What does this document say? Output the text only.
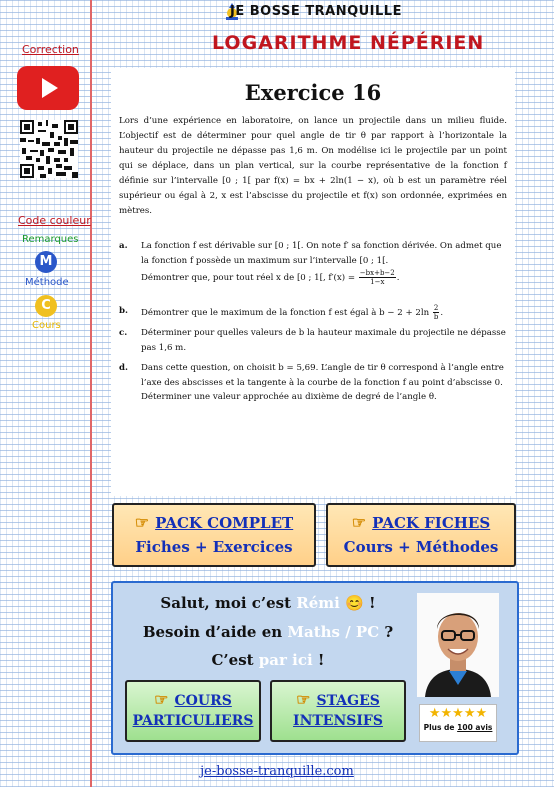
JE BOSSE TRANQUILLE
LOGARITHME NÉPÉRIEN
Correction
Code couleur
Remarques
M
Méthode
C
Cours
Exercice 16
Lors d’une expérience en laboratoire, on lance un projectile dans un milieu fluide. L’objectif est de déterminer pour quel angle de tir θ par rapport à l’horizontale la hauteur du projectile ne dépasse pas 1,6 m. On modélise ici le projectile par un point qui se déplace, dans un plan vertical, sur la courbe représentative de la fonction f définie sur l’intervalle [0 ; 1[ par f(x) = bx + 2ln(1 − x), où b est un paramètre réel supérieur ou égal à 2, x est l’abscisse du projectile et f(x) son ordonnée, exprimées en mètres.
a. La fonction f est dérivable sur [0 ; 1[. On note f′ sa fonction dérivée. On admet que la fonction f possède un maximum sur l’intervalle [0 ; 1[.
Démontrer que, pour tout réel x de [0 ; 1[, $f'(x) = \frac{-bx+b-2}{1-x}$ .
b. Démontrer que le maximum de la fonction f est égal à $b - 2 + 2\ln \frac{2}{b}$ .
c. Déterminer pour quelles valeurs de b la hauteur maximale du projectile ne dépasse pas 1,6 m.
d. Dans cette question, on choisit b = 5,69. L’angle de tir θ correspond à l’angle entre l’axe des abscisses et la tangente à la courbe de la fonction f au point d’abscisse 0. Déterminer une valeur approchée au dixième de degré de l’angle θ.
☞ PACK COMPLET
Fiches + Exercices
☞ PACK FICHES
Cours + Méthodes
Salut, moi c’est Rémi 😊 !
Besoin d’aide en Maths / PC ?
C’est par ici !
☞ COURS
PARTICULIERS
☞ STAGES
INTENSIFS	★★★★★
Plus de 100 avis
je-bosse-tranquille.com
